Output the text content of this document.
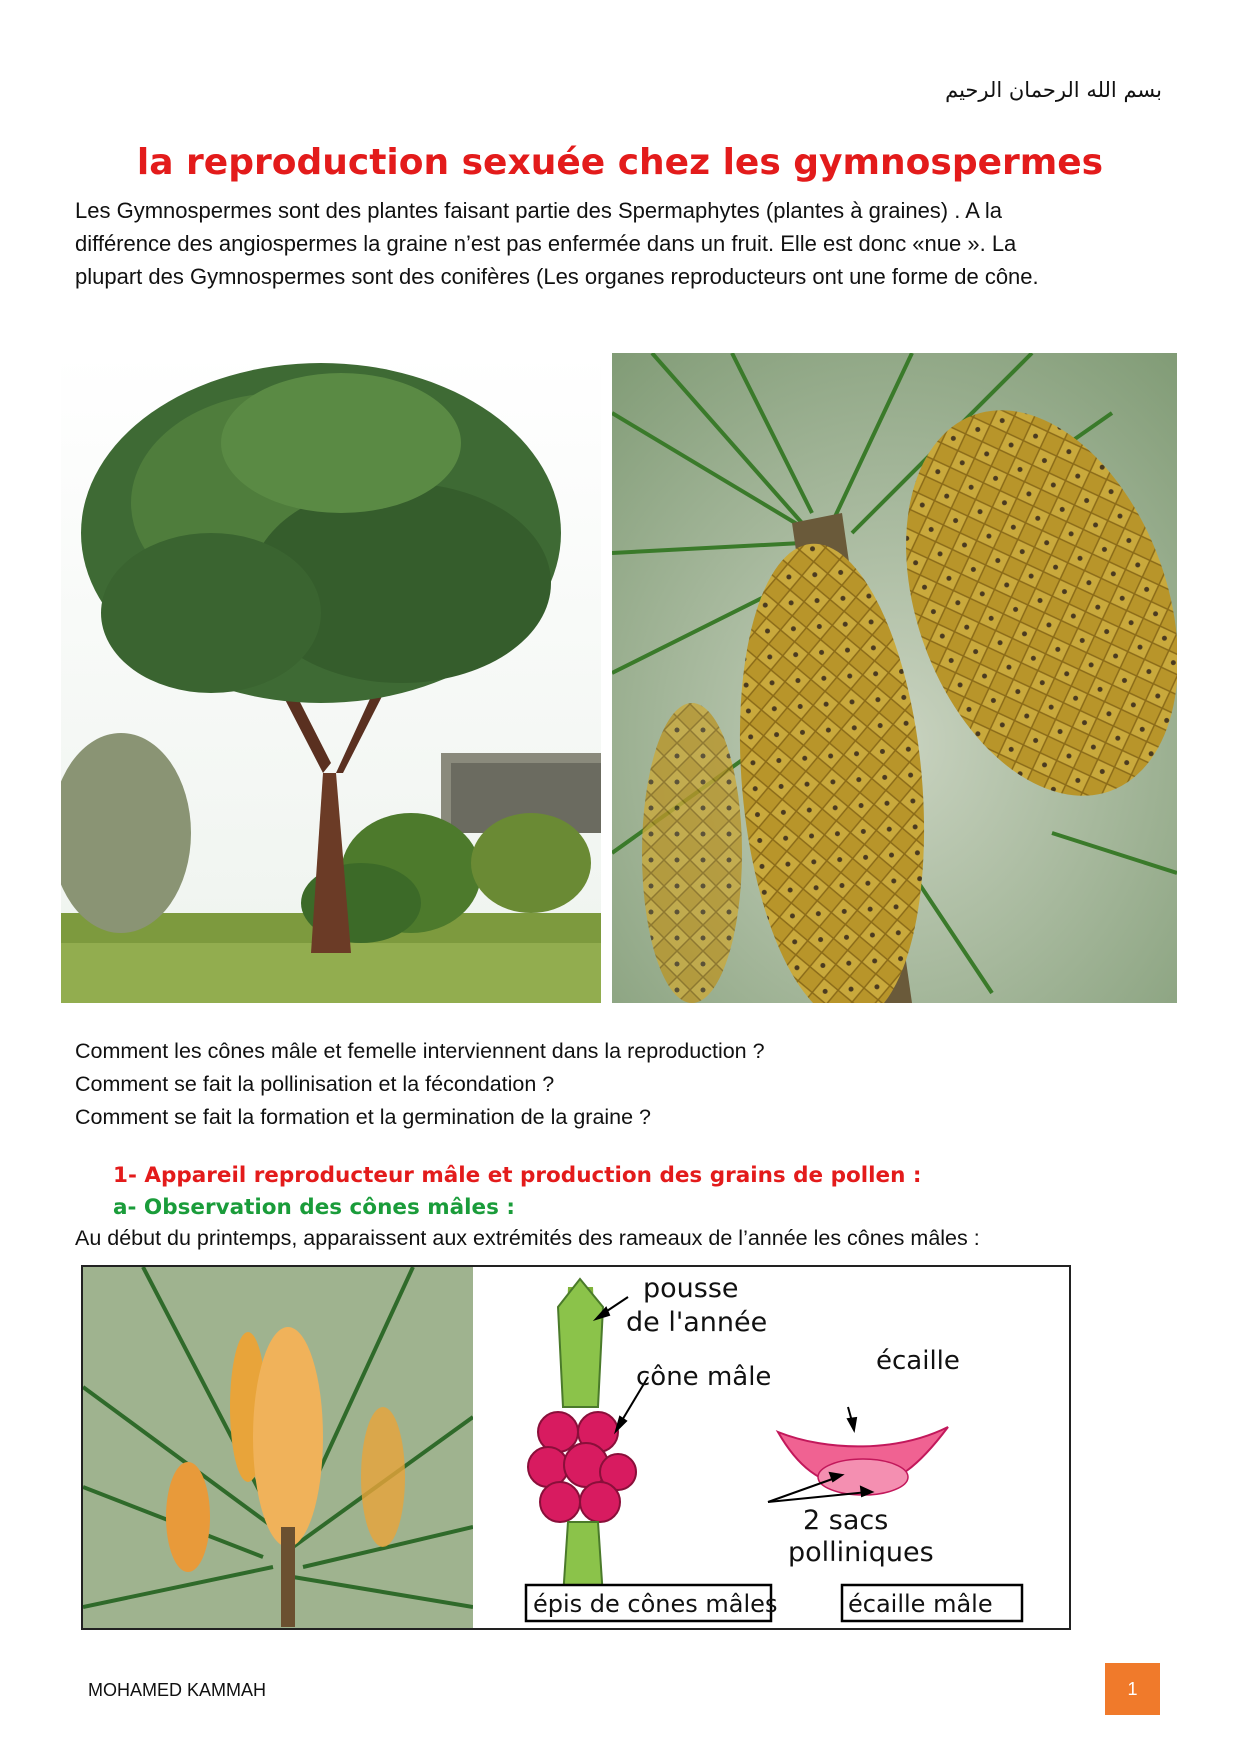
بسم الله الرحمان الرحيم
la reproduction sexuée chez les gymnospermes
Les Gymnospermes sont des plantes faisant partie des Spermaphytes (plantes à graines) . A la
différence des angiospermes la graine n’est pas enfermée dans un fruit. Elle est donc «nue ». La
plupart des Gymnospermes sont des conifères (Les organes reproducteurs ont une forme de cône.
Comment les cônes mâle et femelle interviennent dans la reproduction ?
Comment se fait la pollinisation et la fécondation ?
Comment se fait la formation et la germination de la graine ?
1- Appareil reproducteur mâle et production des grains de pollen :
a- Observation des cônes mâles :
Au début du printemps, apparaissent aux extrémités des rameaux de l’année les cônes mâles :
pousse
de l'année
cône mâle
écaille
2 sacs
polliniques
épis de cônes mâles	écaille mâle
MOHAMED KAMMAH	1
